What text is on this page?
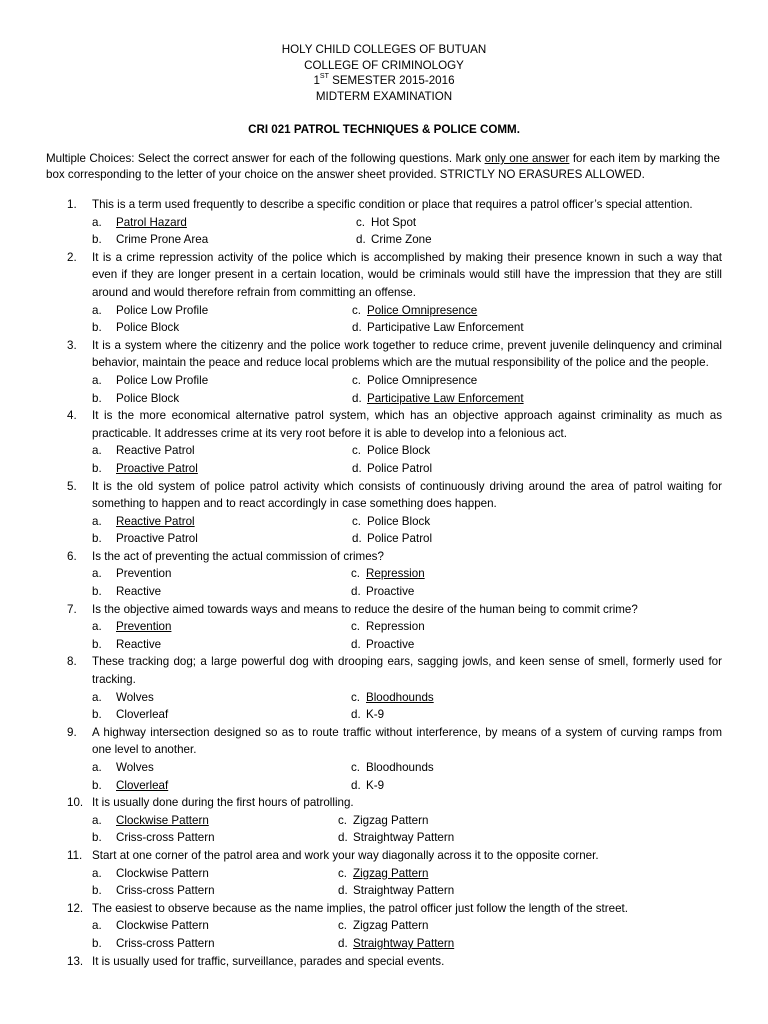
HOLY CHILD COLLEGES OF BUTUAN
COLLEGE OF CRIMINOLOGY
1ST SEMESTER 2015-2016
MIDTERM EXAMINATION
CRI 021 PATROL TECHNIQUES & POLICE COMM.
Multiple Choices: Select the correct answer for each of the following questions. Mark only one answer for each item by marking the box corresponding to the letter of your choice on the answer sheet provided. STRICTLY NO ERASURES ALLOWED.
1.	This is a term used frequently to describe a specific condition or place that requires a patrol officer’s special attention.
a. Patrol Hazard	c. Hot Spot
b. Crime Prone Area	d. Crime Zone
2.	It is a crime repression activity of the police which is accomplished by making their presence known in such a way that even if they are longer present in a certain location, would be criminals would still have the impression that they are still around and would therefore refrain from committing an offense.
a. Police Low Profile	c. Police Omnipresence
b. Police Block	d. Participative Law Enforcement
3.	It is a system where the citizenry and the police work together to reduce crime, prevent juvenile delinquency and criminal behavior, maintain the peace and reduce local problems which are the mutual responsibility of the police and the people.
a. Police Low Profile	c. Police Omnipresence
b. Police Block	d. Participative Law Enforcement
4.	It is the more economical alternative patrol system, which has an objective approach against criminality as much as practicable. It addresses crime at its very root before it is able to develop into a felonious act.
a. Reactive Patrol	c. Police Block
b. Proactive Patrol	d. Police Patrol
5.	It is the old system of police patrol activity which consists of continuously driving around the area of patrol waiting for something to happen and to react accordingly in case something does happen.
a. Reactive Patrol	c. Police Block
b. Proactive Patrol	d. Police Patrol
6.	Is the act of preventing the actual commission of crimes?
a. Prevention	c. Repression
b. Reactive	d. Proactive
7.	Is the objective aimed towards ways and means to reduce the desire of the human being to commit crime?
a. Prevention	c. Repression
b. Reactive	d. Proactive
8.	These tracking dog; a large powerful dog with drooping ears, sagging jowls, and keen sense of smell, formerly used for tracking.
a. Wolves	c. Bloodhounds
b. Cloverleaf	d. K-9
9.	A highway intersection designed so as to route traffic without interference, by means of a system of curving ramps from one level to another.
a. Wolves	c. Bloodhounds
b. Cloverleaf	d. K-9
10. It is usually done during the first hours of patrolling.
a. Clockwise Pattern	c. Zigzag Pattern
b. Criss-cross Pattern	d. Straightway Pattern
11. Start at one corner of the patrol area and work your way diagonally across it to the opposite corner.
a. Clockwise Pattern	c. Zigzag Pattern
b. Criss-cross Pattern	d. Straightway Pattern
12. The easiest to observe because as the name implies, the patrol officer just follow the length of the street.
a. Clockwise Pattern	c. Zigzag Pattern
b. Criss-cross Pattern	d. Straightway Pattern
13. It is usually used for traffic, surveillance, parades and special events.
